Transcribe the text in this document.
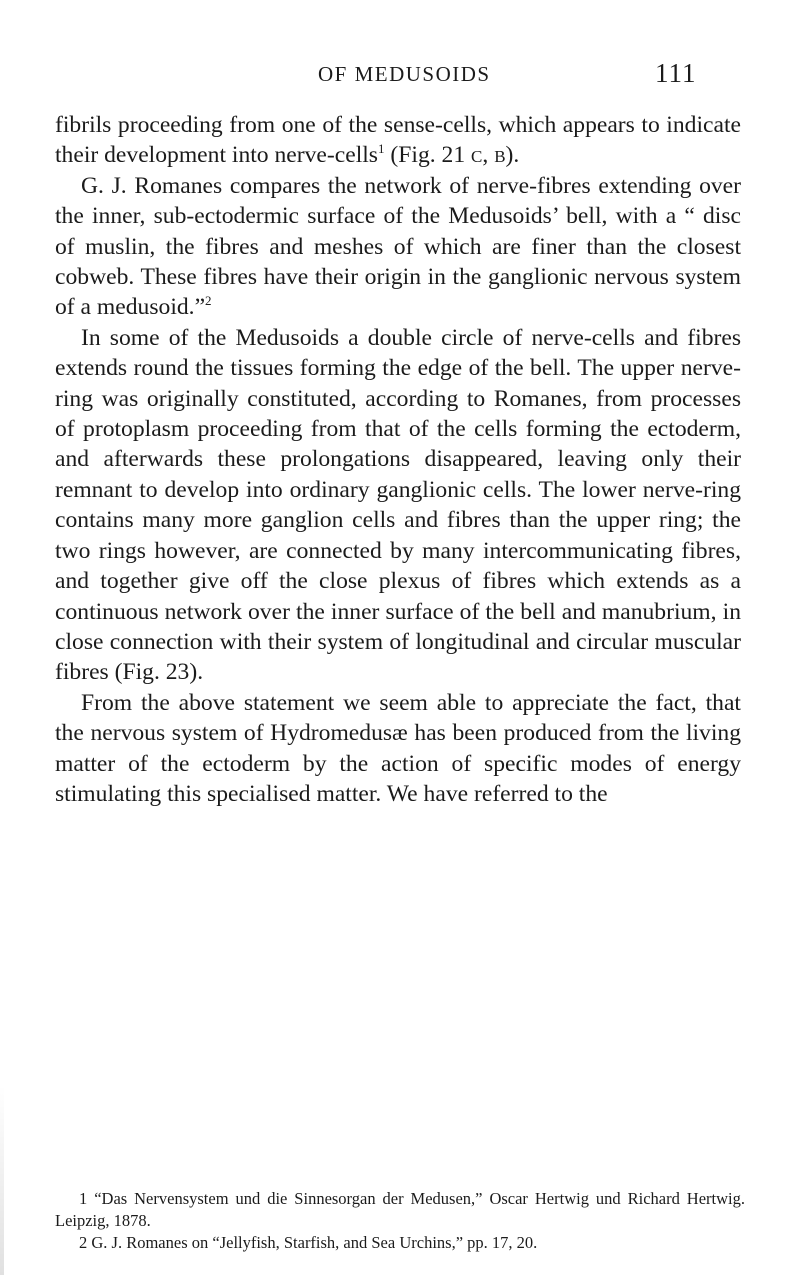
OF MEDUSOIDS	111

fibrils proceeding from one of the sense-cells, which appears to indicate their development into nerve-cells$^1$ (Fig. 21 c, b).

G. J. Romanes compares the network of nerve-fibres extending over the inner, sub-ectodermic surface of the Medusoids’ bell, with a “ disc of muslin, the fibres and meshes of which are finer than the closest cobweb. These fibres have their origin in the ganglionic nervous system of a medusoid.”$^2$

In some of the Medusoids a double circle of nerve-cells and fibres extends round the tissues forming the edge of the bell. The upper nerve-ring was originally constituted, according to Romanes, from processes of protoplasm proceeding from that of the cells forming the ectoderm, and afterwards these prolongations disappeared, leaving only their remnant to develop into ordinary ganglionic cells. The lower nerve-ring contains many more ganglion cells and fibres than the upper ring; the two rings however, are connected by many intercommunicating fibres, and together give off the close plexus of fibres which extends as a continuous network over the inner surface of the bell and manubrium, in close connection with their system of longitudinal and circular muscular fibres (Fig. 23).

From the above statement we seem able to appreciate the fact, that the nervous system of Hydromedusæ has been produced from the living matter of the ectoderm by the action of specific modes of energy stimulating this specialised matter. We have referred to the

1 “Das Nervensystem und die Sinnesorgan der Medusen,” Oscar Hertwig und Richard Hertwig. Leipzig, 1878.

2 G. J. Romanes on “Jellyfish, Starfish, and Sea Urchins,” pp. 17, 20.
